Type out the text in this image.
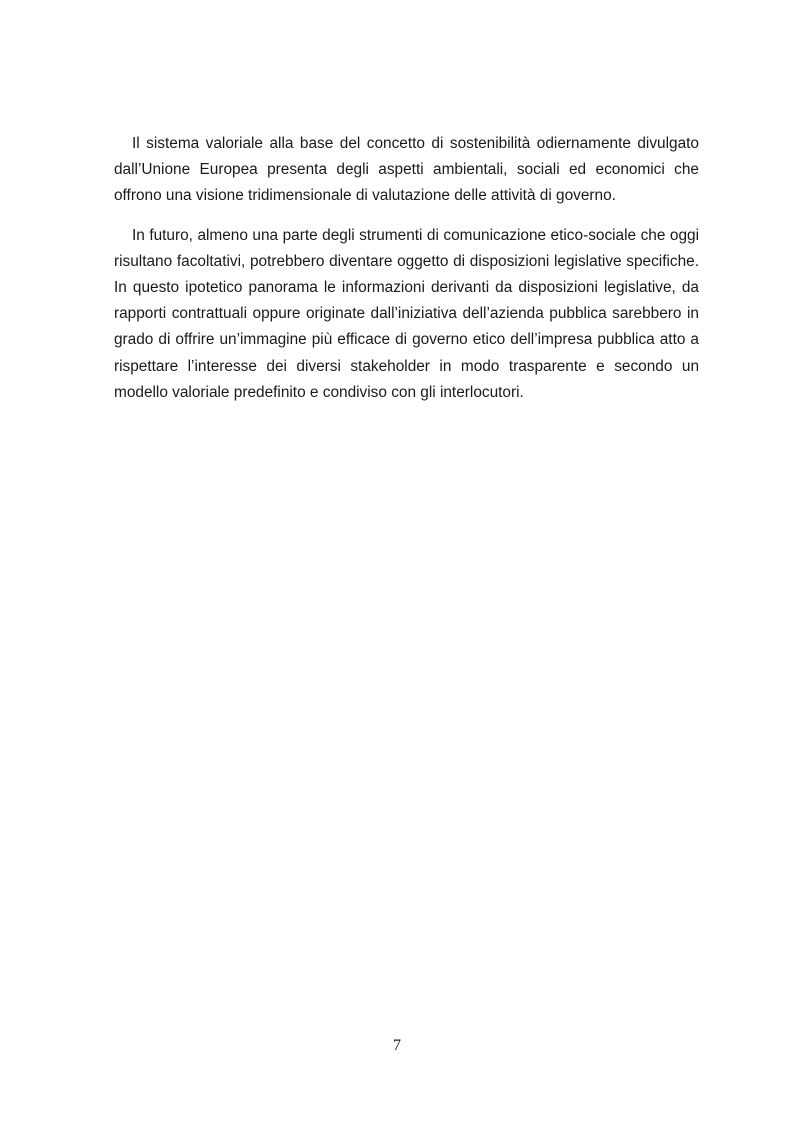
Il sistema valoriale alla base del concetto di sostenibilità odiernamente divulgato dall’Unione Europea presenta degli aspetti ambientali, sociali ed economici che offrono una visione tridimensionale di valutazione delle attività di governo.

In futuro, almeno una parte degli strumenti di comunicazione etico-sociale che oggi risultano facoltativi, potrebbero diventare oggetto di disposizioni legislative specifiche. In questo ipotetico panorama le informazioni derivanti da disposizioni legislative, da rapporti contrattuali oppure originate dall’iniziativa dell’azienda pubblica sarebbero in grado di offrire un’immagine più efficace di governo etico dell’impresa pubblica atto a rispettare l’interesse dei diversi stakeholder in modo trasparente e secondo un modello valoriale predefinito e condiviso con gli interlocutori.

7
